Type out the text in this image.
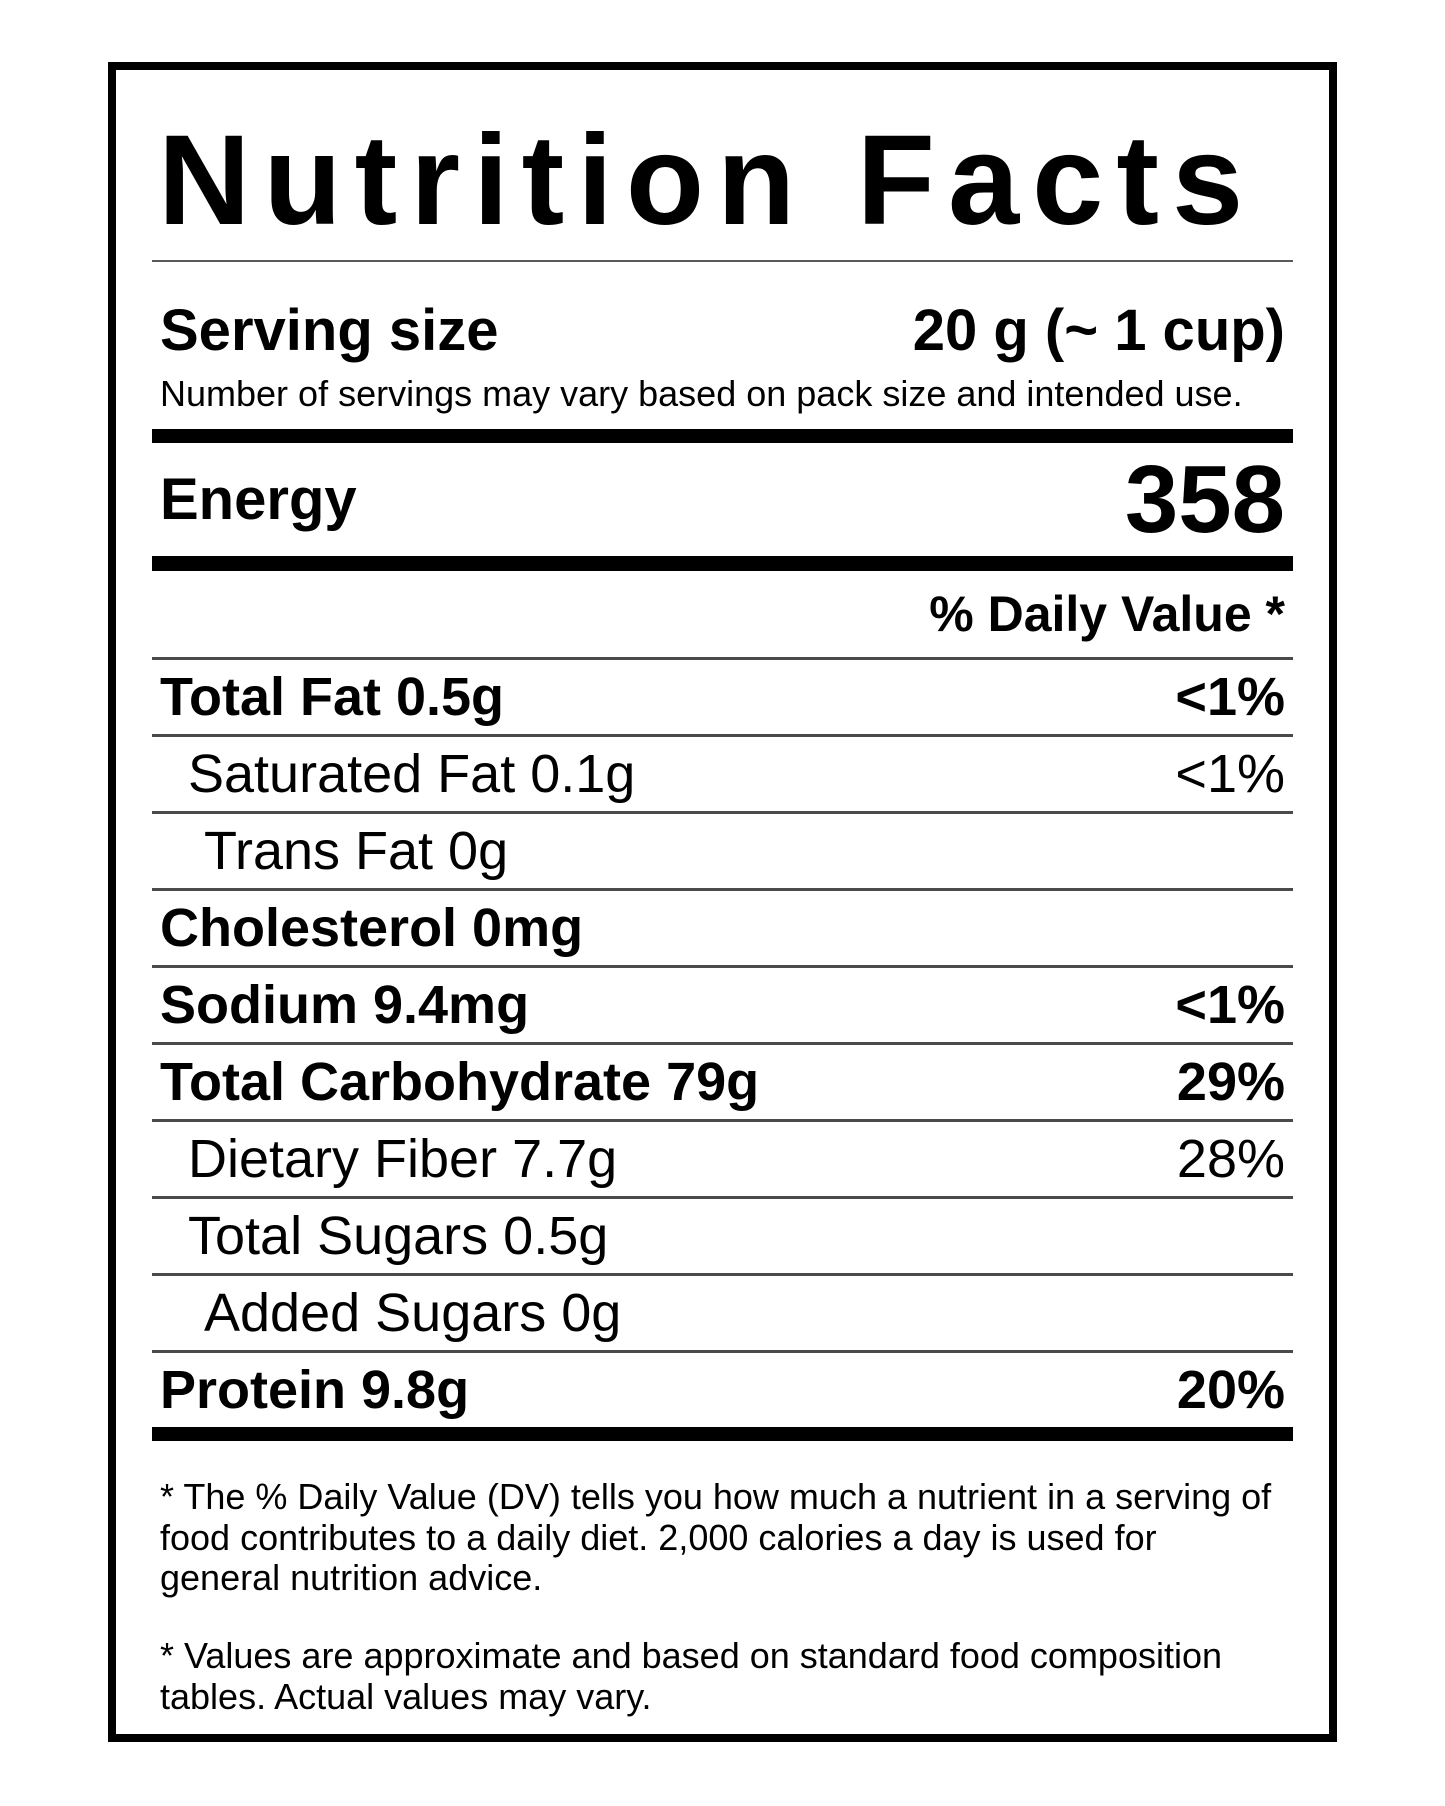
Nutrition Facts
Serving size	20 g (~ 1 cup)
Number of servings may vary based on pack size and intended use.
Energy	358
% Daily Value *
Total Fat 0.5g	<1%
Saturated Fat 0.1g	<1%
Trans Fat 0g
Cholesterol 0mg
Sodium 9.4mg	<1%
Total Carbohydrate 79g	29%
Dietary Fiber 7.7g	28%
Total Sugars 0.5g
Added Sugars 0g
Protein 9.8g	20%
* The % Daily Value (DV) tells you how much a nutrient in a serving of food contributes to a daily diet. 2,000 calories a day is used for general nutrition advice.
* Values are approximate and based on standard food composition tables. Actual values may vary.
